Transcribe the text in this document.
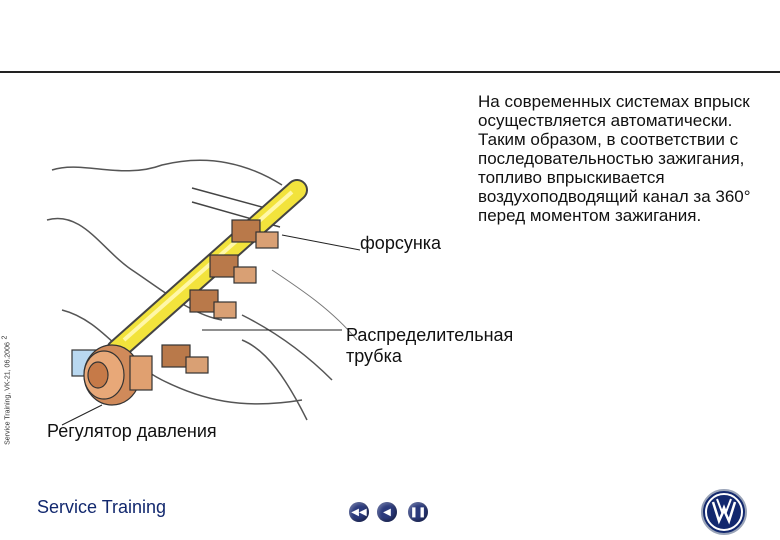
Service Training, VK-21, 06.2006
2
На современных системах впрыск осуществляется автоматически. Таким образом, в соответствии с последовательностью зажигания, топливо впрыскивается воздухоподводящий канал за 360° перед моментом зажигания.
форсунка
Распределительная трубка
Регулятор давления
Service Training	◀◀ ◀ ❚❚
